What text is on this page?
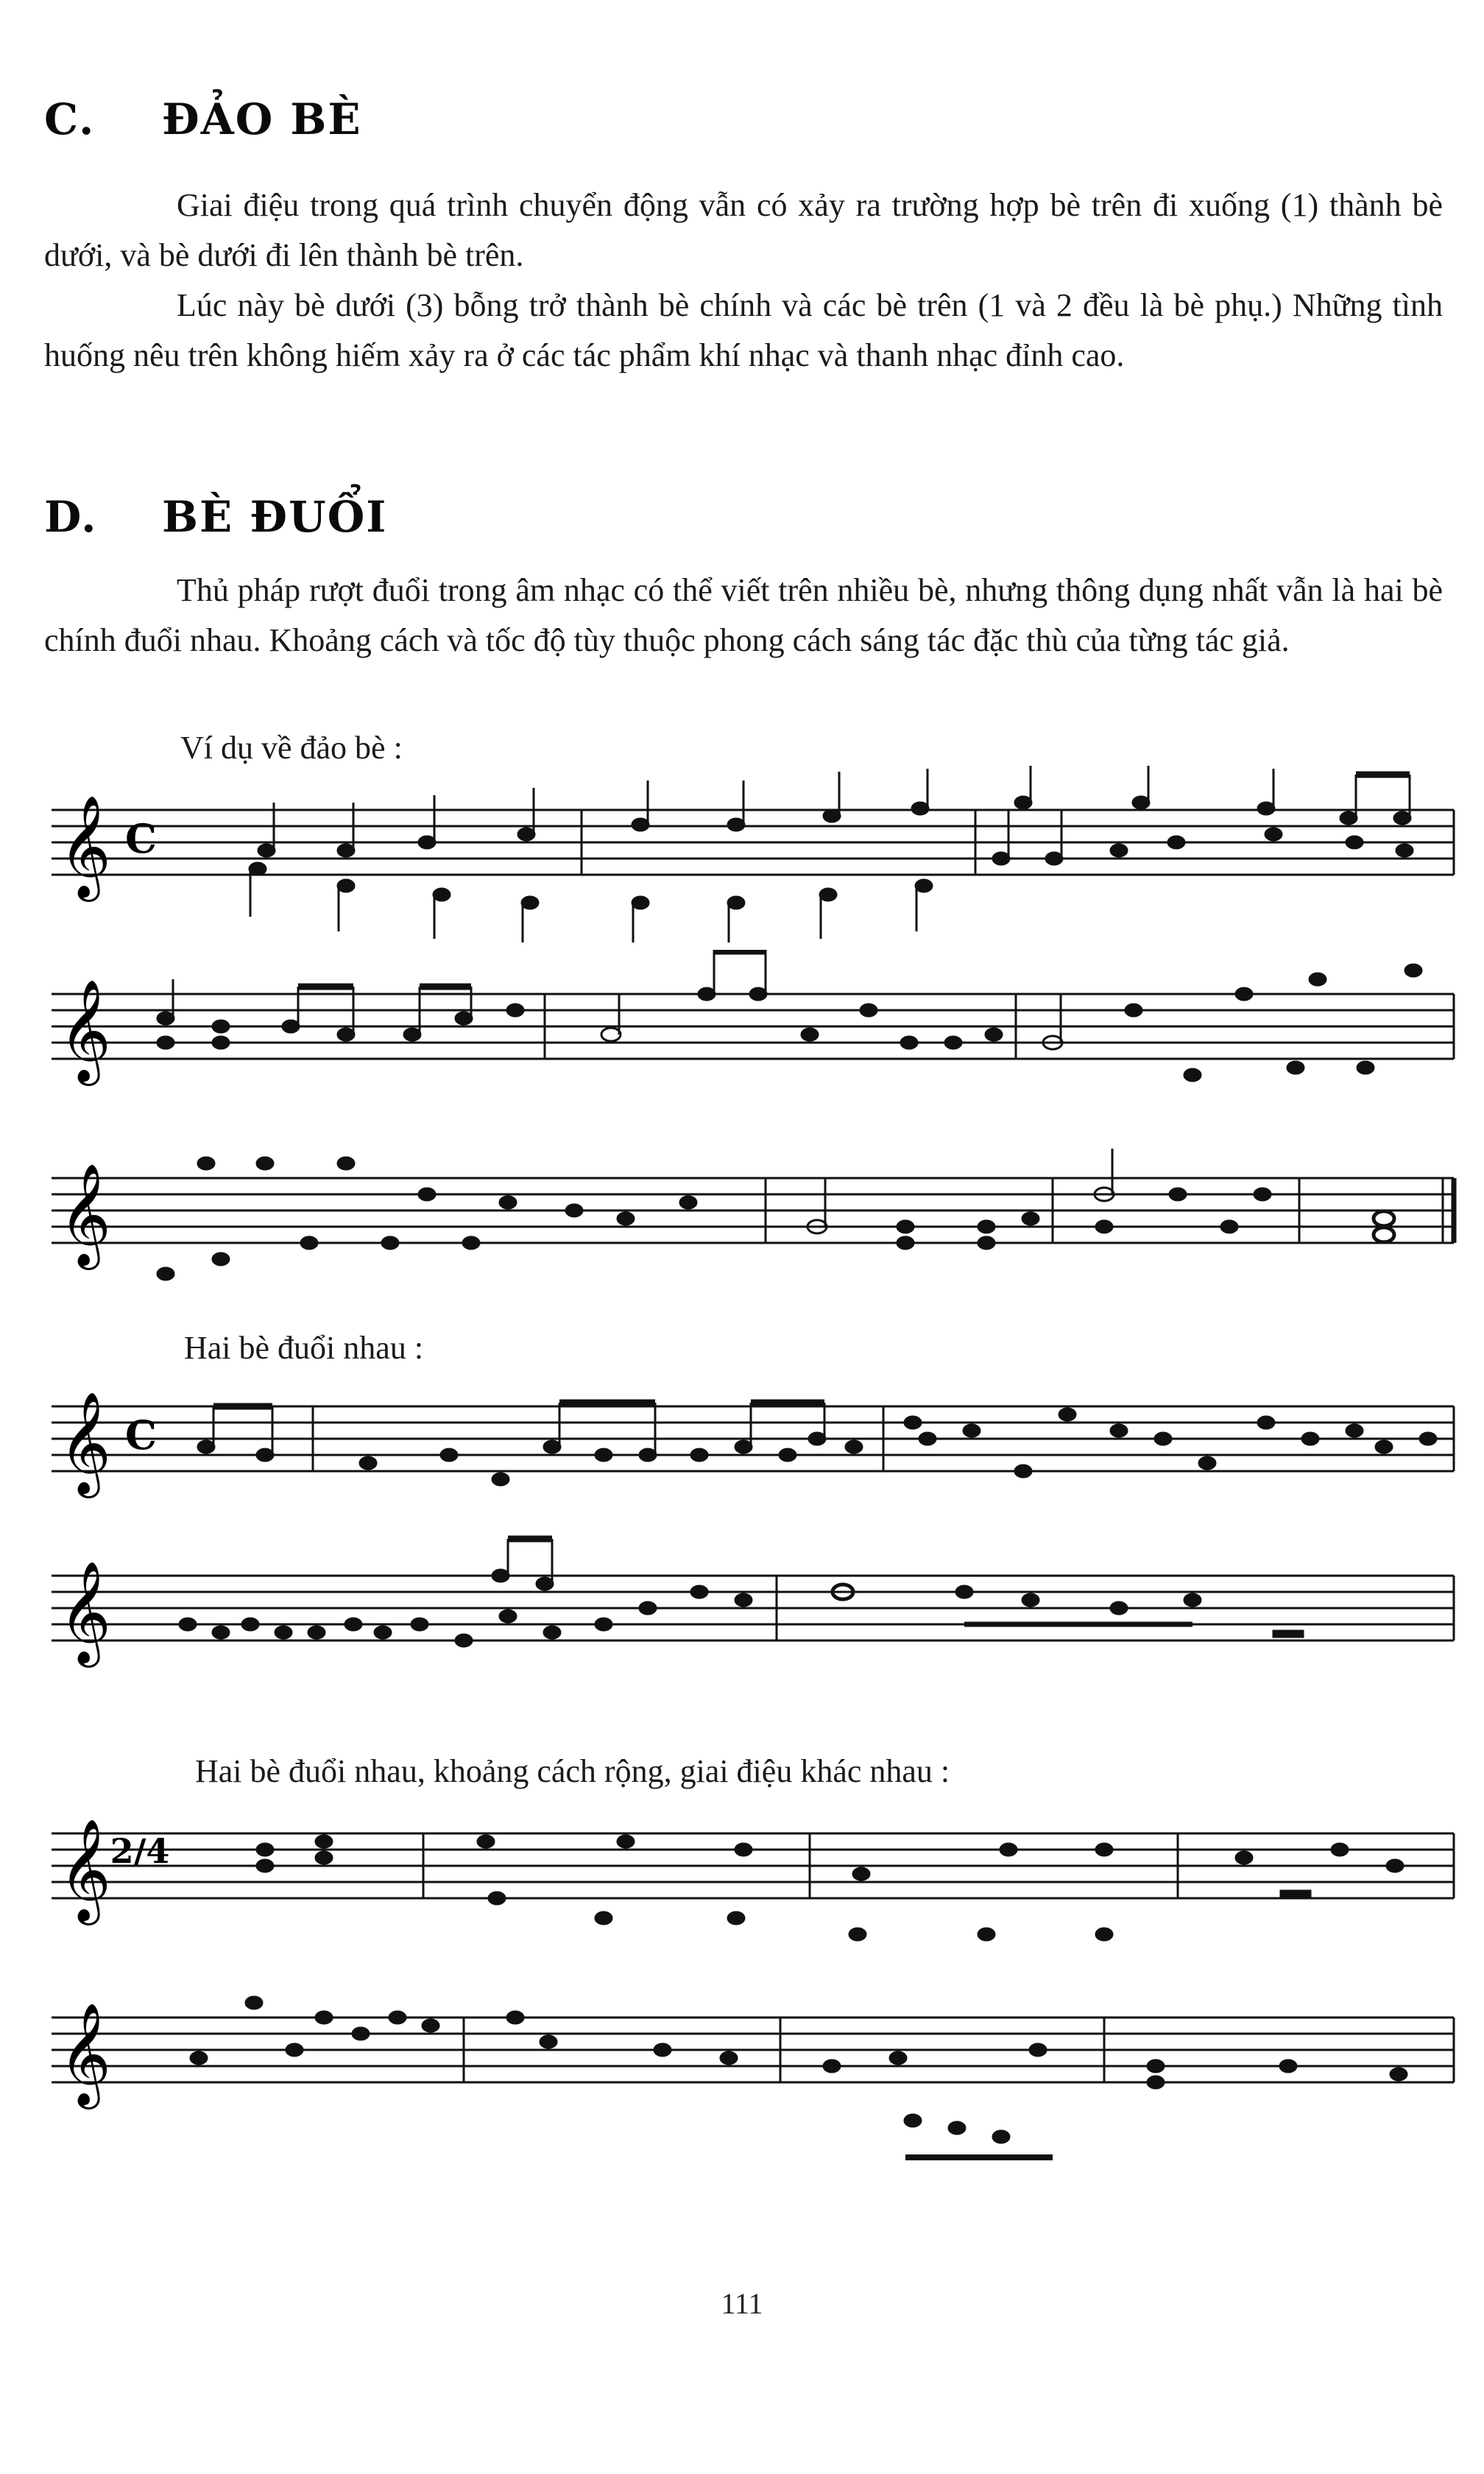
C. ĐẢO BÈ

Giai điệu trong quá trình chuyển động vẫn có xảy ra trường hợp bè trên đi xuống (1) thành bè dưới, và bè dưới đi lên thành bè trên.

Lúc này bè dưới (3) bỗng trở thành bè chính và các bè trên (1 và 2 đều là bè phụ.) Những tình huống nêu trên không hiếm xảy ra ở các tác phẩm khí nhạc và thanh nhạc đỉnh cao.

D. BÈ ĐUỔI

Thủ pháp rượt đuổi trong âm nhạc có thể viết trên nhiều bè, nhưng thông dụng nhất vẫn là hai bè chính đuổi nhau. Khoảng cách và tốc độ tùy thuộc phong cách sáng tác đặc thù của từng tác giả.

Ví dụ về đảo bè :
𝄞 C
𝄞
𝄞
Hai bè đuổi nhau :
𝄞 C
𝄞
Hai bè đuổi nhau, khoảng cách rộng, giai điệu khác nhau :
𝄞
2/4
𝄞
111
